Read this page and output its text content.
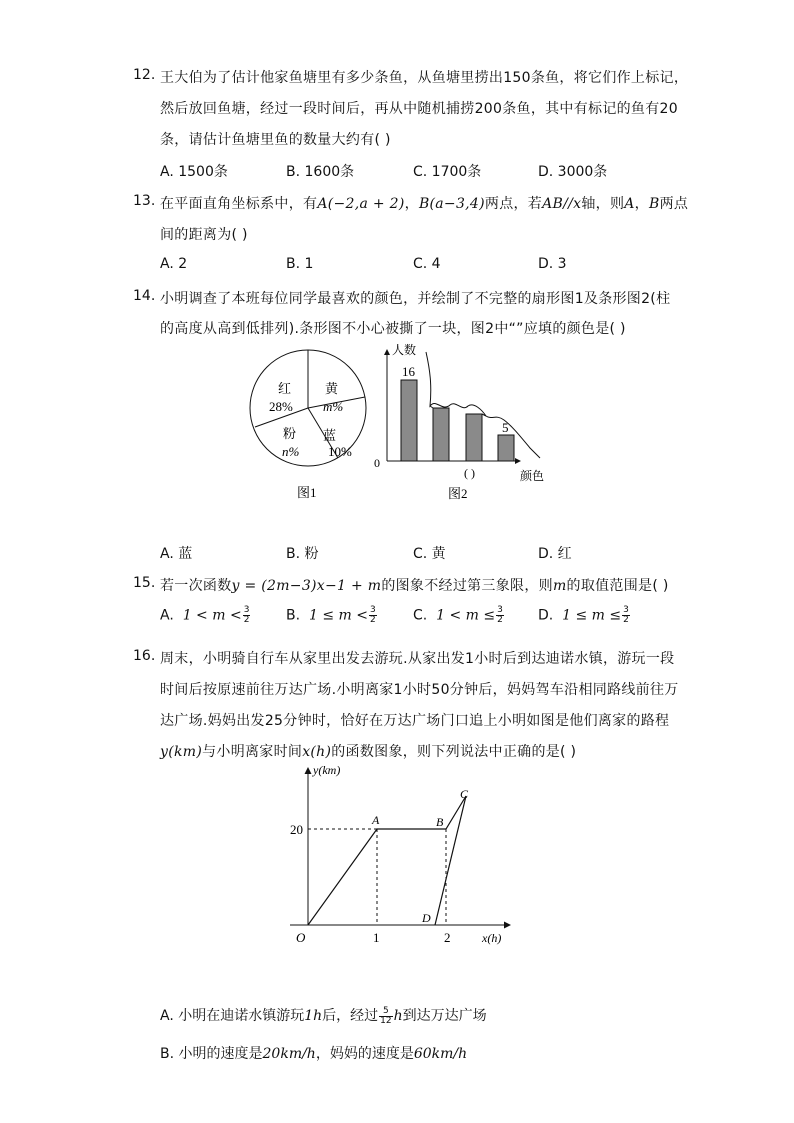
12. 王大伯为了估计他家鱼塘里有多少条鱼，从鱼塘里捞出150条鱼，将它们作上标记，
然后放回鱼塘，经过一段时间后，再从中随机捕捞200条鱼，其中有标记的鱼有20
条，请估计鱼塘里鱼的数量大约有( )
A. 1500条	B. 1600条	C. 1700条	D. 3000条
13. 在平面直角坐标系中，有A(−2,a + 2)，B(a−3,4)两点，若AB//x轴，则A，B两点
间的距离为( )
A. 2	B. 1	C. 4	D. 3
14. 小明调查了本班每位同学最喜欢的颜色，并绘制了不完整的扇形图1及条形图2(柱
的高度从高到低排列).条形图不小心被撕了一块，图2中“”应填的颜色是( )
红
28%
黄
m%
蓝
10%
粉
n%
图1
人数
0
16
5
( )	颜色
图2
A. 蓝	B. 粉	C. 黄	D. 红
15. 若一次函数y = (2m−3)x−1 + m的图象不经过第三象限，则m的取值范围是( )
A. $1 < m < \frac{3}{2}$	B. $1 \le m < \frac{3}{2}$	C. $1 < m \le \frac{3}{2} D$. $1 \le m \le \frac{3}{2}$
16. 周末，小明骑自行车从家里出发去游玩.从家出发1小时后到达迪诺水镇，游玩一段
时间后按原速前往万达广场.小明离家1小时50分钟后，妈妈驾车沿相同路线前往万
达广场.妈妈出发25分钟时，恰好在万达广场门口追上小明如图是他们离家的路程
y(km)与小明离家时间x(h)的函数图象，则下列说法中正确的是( )
y(km)
x(h)
O
20
1	2
A	B
C
D
A. 小明在迪诺水镇游玩1h后，经过 $\frac{5}{12}$ h到达万达广场
B. 小明的速度是20km/h，妈妈的速度是60km/h
